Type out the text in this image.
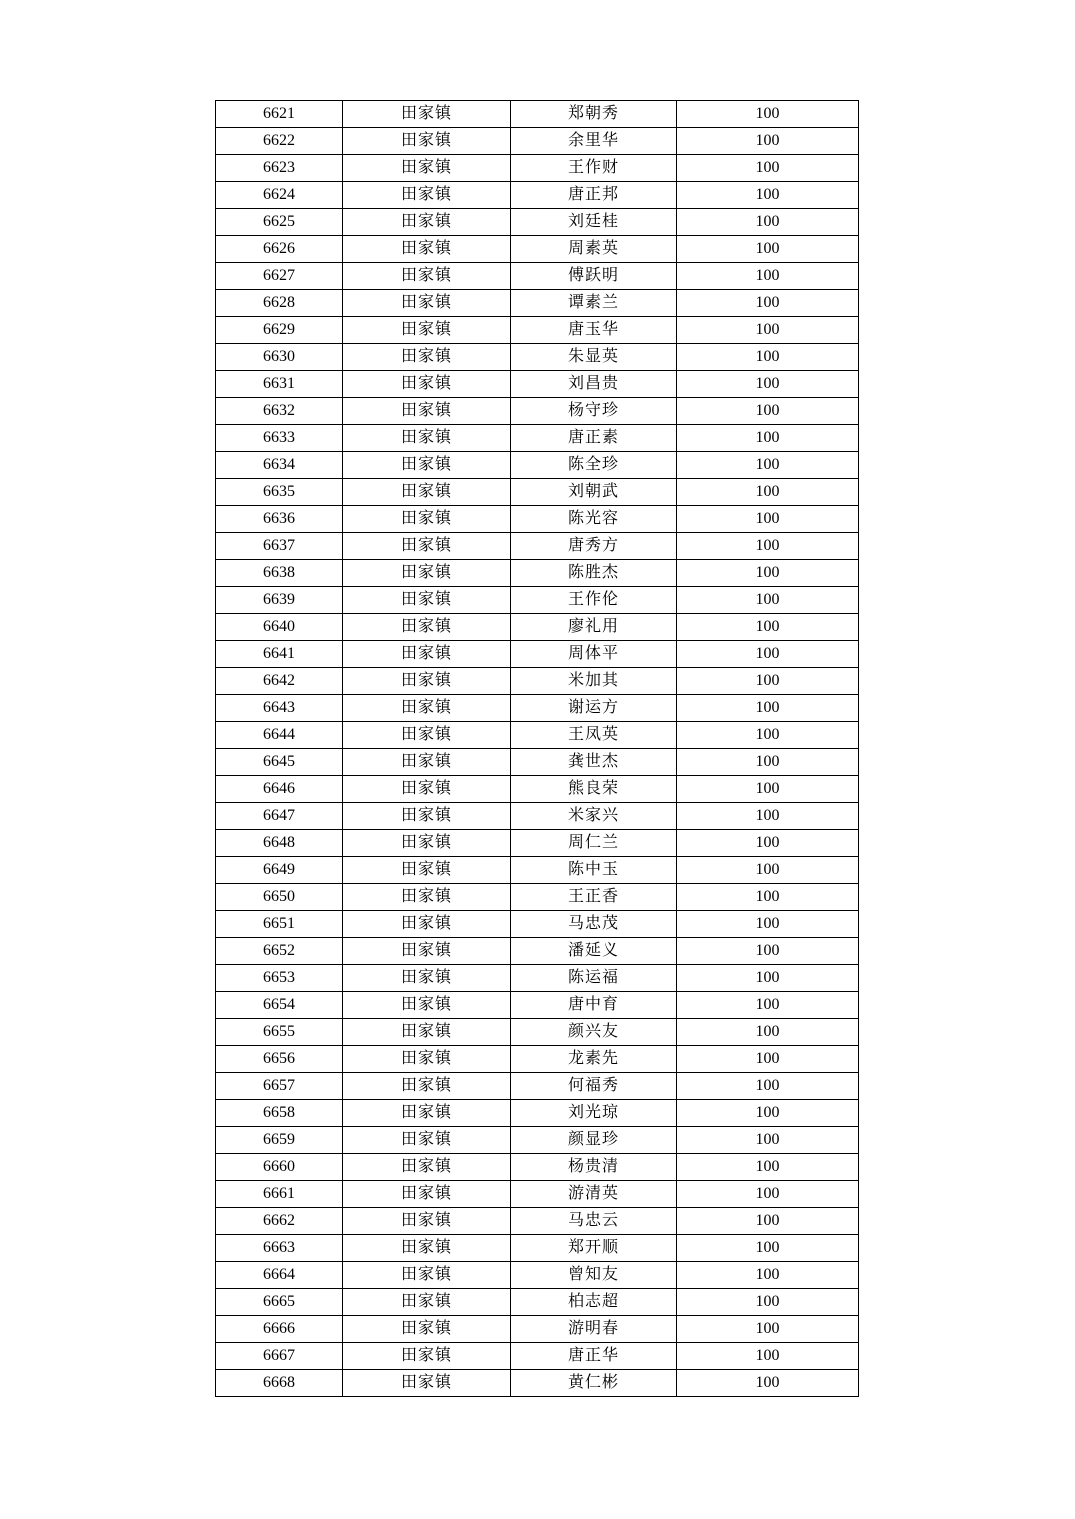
6621	田家镇	郑朝秀	100
6622	田家镇	余里华	100
6623	田家镇	王作财	100
6624	田家镇	唐正邦	100
6625	田家镇	刘廷桂	100
6626	田家镇	周素英	100
6627	田家镇	傅跃明	100
6628	田家镇	谭素兰	100
6629	田家镇	唐玉华	100
6630	田家镇	朱显英	100
6631	田家镇	刘昌贵	100
6632	田家镇	杨守珍	100
6633	田家镇	唐正素	100
6634	田家镇	陈全珍	100
6635	田家镇	刘朝武	100
6636	田家镇	陈光容	100
6637	田家镇	唐秀方	100
6638	田家镇	陈胜杰	100
6639	田家镇	王作伦	100
6640	田家镇	廖礼用	100
6641	田家镇	周体平	100
6642	田家镇	米加其	100
6643	田家镇	谢运方	100
6644	田家镇	王凤英	100
6645	田家镇	龚世杰	100
6646	田家镇	熊良荣	100
6647	田家镇	米家兴	100
6648	田家镇	周仁兰	100
6649	田家镇	陈中玉	100
6650	田家镇	王正香	100
6651	田家镇	马忠茂	100
6652	田家镇	潘延义	100
6653	田家镇	陈运福	100
6654	田家镇	唐中育	100
6655	田家镇	颜兴友	100
6656	田家镇	龙素先	100
6657	田家镇	何福秀	100
6658	田家镇	刘光琼	100
6659	田家镇	颜显珍	100
6660	田家镇	杨贵清	100
6661	田家镇	游清英	100
6662	田家镇	马忠云	100
6663	田家镇	郑开顺	100
6664	田家镇	曾知友	100
6665	田家镇	柏志超	100
6666	田家镇	游明春	100
6667	田家镇	唐正华	100
6668	田家镇	黄仁彬	100
